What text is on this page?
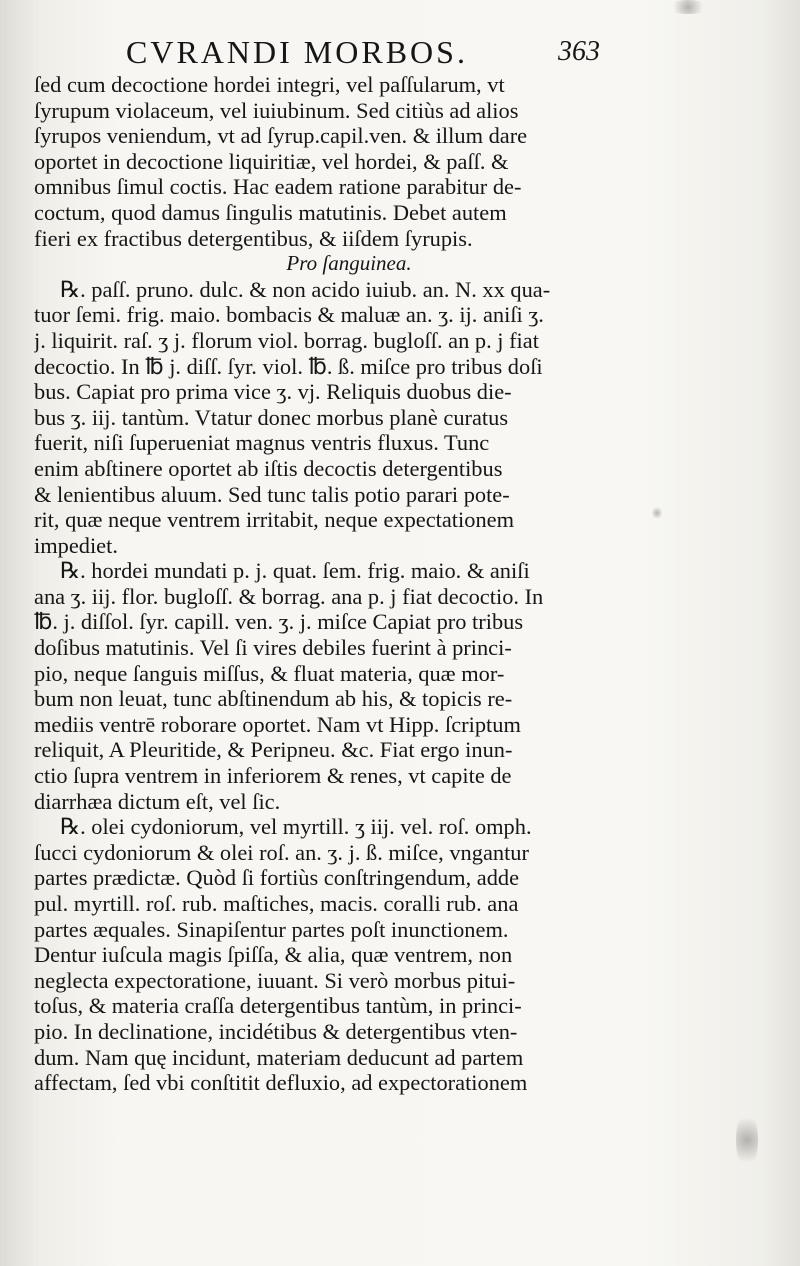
CVRANDI MORBOS.	363
ſed cum decoctione hordei integri, vel paſſularum, vt
ſyrupum violaceum, vel iuiubinum. Sed citiùs ad alios
ſyrupos veniendum, vt ad ſyrup.capil.ven. & illum dare
oportet in decoctione liquiritiæ, vel hordei, & paſſ. &
omnibus ſimul coctis. Hac eadem ratione parabitur de-
coctum, quod damus ſingulis matutinis. Debet autem
fieri ex fractibus detergentibus, & iiſdem ſyrupis.
Pro ſanguinea.
℞. paſſ. pruno. dulc. & non acido iuiub. an. N. xx qua-
tuor ſemi. frig. maio. bombacis & maluæ an. ʒ. ij. aniſi ʒ.
j. liquirit. raſ. ʒ j. florum viol. borrag. bugloſſ. an p. j fiat
decoctio. In ℔ j. diſſ. ſyr. viol. ℔. ß. miſce pro tribus doſi
bus. Capiat pro prima vice ʒ. vj. Reliquis duobus die-
bus ʒ. iij. tantùm. Vtatur donec morbus planè curatus
fuerit, niſi ſuperueniat magnus ventris fluxus. Tunc
enim abſtinere oportet ab iſtis decoctis detergentibus
& lenientibus aluum. Sed tunc talis potio parari pote-
rit, quæ neque ventrem irritabit, neque expectationem
impediet.
℞. hordei mundati p. j. quat. ſem. frig. maio. & aniſi
ana ʒ. iij. flor. bugloſſ. & borrag. ana p. j fiat decoctio. In
℔. j. diſſol. ſyr. capill. ven. ʒ. j. miſce Capiat pro tribus
doſibus matutinis. Vel ſi vires debiles fuerint à princi-
pio, neque ſanguis miſſus, & fluat materia, quæ mor-
bum non leuat, tunc abſtinendum ab his, & topicis re-
mediis ventrē roborare oportet. Nam vt Hipp. ſcriptum
reliquit, A Pleuritide, & Peripneu. &c. Fiat ergo inun-
ctio ſupra ventrem in inferiorem & renes, vt capite de
diarrhæa dictum eſt, vel ſic.
℞. olei cydoniorum, vel myrtill. ʒ iij. vel. roſ. omph.
ſucci cydoniorum & olei roſ. an. ʒ. j. ß. miſce, vngantur
partes prædictæ. Quòd ſi fortiùs conſtringendum, adde
pul. myrtill. roſ. rub. maſtiches, macis. coralli rub. ana
partes æquales. Sinapiſentur partes poſt inunctionem.
Dentur iuſcula magis ſpiſſa, & alia, quæ ventrem, non
neglecta expectoratione, iuuant. Si verò morbus pitui-
toſus, & materia craſſa detergentibus tantùm, in princi-
pio. In declinatione, incidétibus & detergentibus vten-
dum. Nam quę incidunt, materiam deducunt ad partem
affectam, ſed vbi conſtitit defluxio, ad expectorationem
